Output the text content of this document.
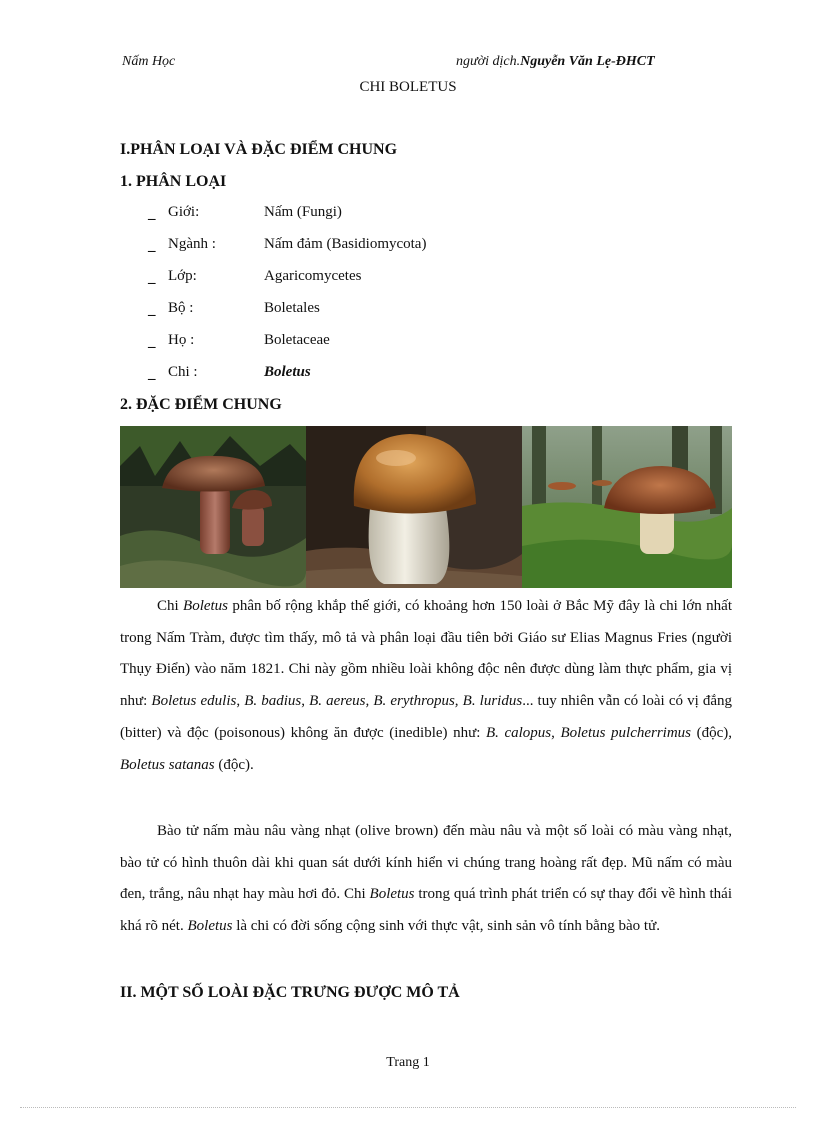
Nấm Học	người dịch.Nguyễn Văn Lẹ-ĐHCT
CHI BOLETUS
I.PHÂN LOẠI VÀ ĐẶC ĐIỂM CHUNG
1. PHÂN LOẠI
_ Giới:	Nấm (Fungi)
_ Ngành :	Nấm đảm (Basidiomycota)
_ Lớp:	Agaricomycetes
_ Bộ :	Boletales
_ Họ :	Boletaceae
_ Chi :	Boletus
2. ĐẶC ĐIỂM CHUNG

Chi Boletus phân bố rộng khắp thế giới, có khoảng hơn 150 loài ở Bắc Mỹ đây là chi lớn nhất trong Nấm Tràm, được tìm thấy, mô tả và phân loại đầu tiên bởi Giáo sư Elias Magnus Fries (người Thụy Điển) vào năm 1821. Chi này gồm nhiều loài không độc nên được dùng làm thực phẩm, gia vị như: Boletus edulis, B. badius, B. aereus, B. erythropus, B. luridus... tuy nhiên vẫn có loài có vị đắng (bitter) và độc (poisonous) không ăn được (inedible) như: B. calopus, Boletus pulcherrimus (độc), Boletus satanas (độc).

Bào tử nấm màu nâu vàng nhạt (olive brown) đến màu nâu và một số loài có màu vàng nhạt, bào tử có hình thuôn dài khi quan sát dưới kính hiển vi chúng trang hoàng rất đẹp. Mũ nấm có màu đen, trắng, nâu nhạt hay màu hơi đỏ. Chi Boletus trong quá trình phát triển có sự thay đổi về hình thái khá rõ nét. Boletus là chi có đời sống cộng sinh với thực vật, sinh sản vô tính bằng bào tử.

II. MỘT SỐ LOÀI ĐẶC TRƯNG ĐƯỢC MÔ TẢ
Trang 1
